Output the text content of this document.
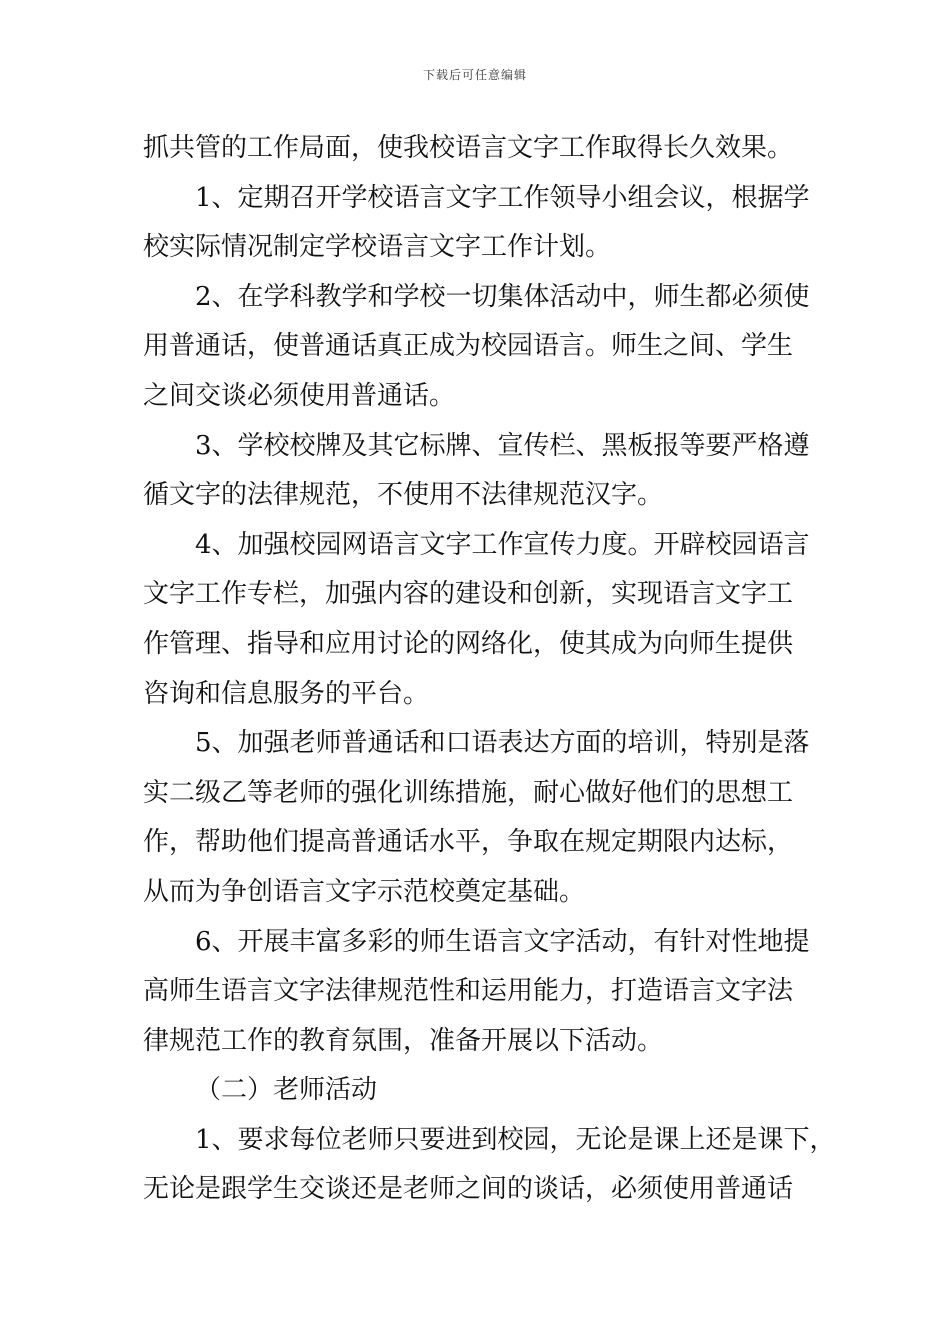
下载后可任意编辑
抓共管的工作局面，使我校语言文字工作取得长久效果。
1、定期召开学校语言文字工作领导小组会议，根据学
校实际情况制定学校语言文字工作计划。
2、在学科教学和学校一切集体活动中，师生都必须使
用普通话，使普通话真正成为校园语言。师生之间、学生
之间交谈必须使用普通话。
3、学校校牌及其它标牌、宣传栏、黑板报等要严格遵
循文字的法律规范，不使用不法律规范汉字。
4、加强校园网语言文字工作宣传力度。开辟校园语言
文字工作专栏，加强内容的建设和创新，实现语言文字工
作管理、指导和应用讨论的网络化，使其成为向师生提供
咨询和信息服务的平台。
5、加强老师普通话和口语表达方面的培训，特别是落
实二级乙等老师的强化训练措施，耐心做好他们的思想工
作，帮助他们提高普通话水平，争取在规定期限内达标，
从而为争创语言文字示范校奠定基础。
6、开展丰富多彩的师生语言文字活动，有针对性地提
高师生语言文字法律规范性和运用能力，打造语言文字法
律规范工作的教育氛围，准备开展以下活动。
（二）老师活动
1、要求每位老师只要进到校园，无论是课上还是课下，
无论是跟学生交谈还是老师之间的谈话，必须使用普通话
